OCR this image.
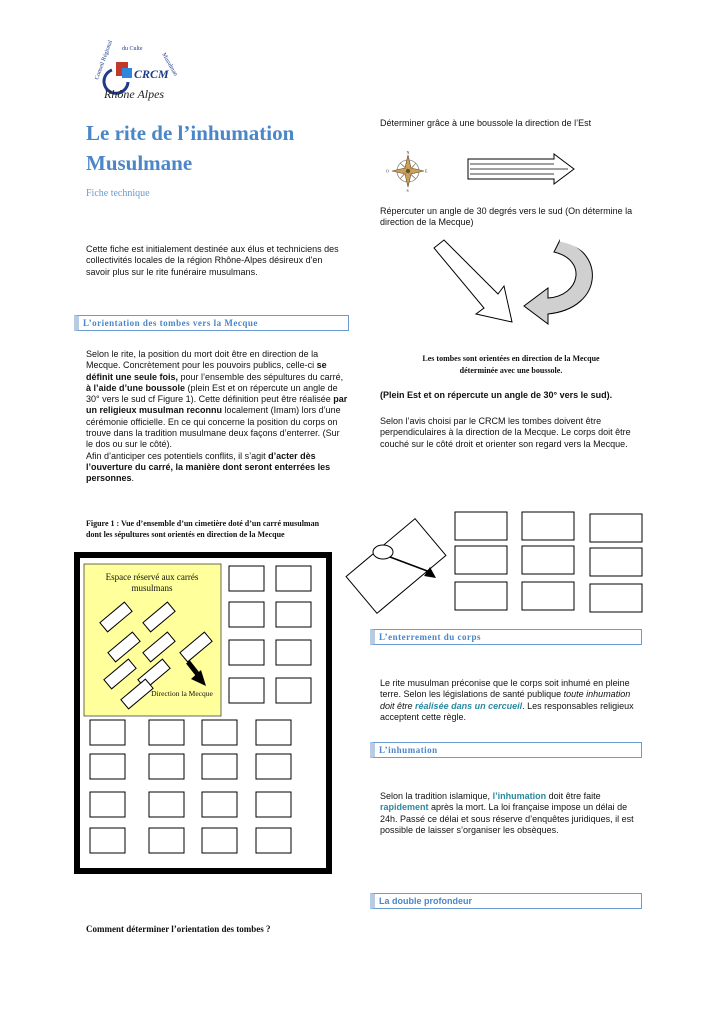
Conseil Régional du Culte
Musulman
CRCM
Rhône Alpes
Le rite de l’inhumation Musulmane
Fiche technique
Cette fiche est initialement destinée aux élus et techniciens des collectivités locales de la région Rhône-Alpes désireux d'en savoir plus sur le rite funéraire musulmans.
L’orientation des tombes vers la Mecque
Selon le rite, la position du mort doit être en direction de la Mecque. Concrètement pour les pouvoirs publics, celle-ci se définit une seule fois, pour l’ensemble des sépultures du carré, à l’aide d’une boussole (plein Est et on répercute un angle de 30° vers le sud cf Figure 1). Cette définition peut être réalisée par un religieux musulman reconnu localement (Imam) lors d’une cérémonie officielle. En ce qui concerne la position du corps on trouve dans la tradition musulmane deux façons d’enterrer. (Sur le dos ou sur le côté).
Afin d’anticiper ces potentiels conflits, il s’agit d’acter dès l’ouverture du carré, la manière dont seront enterrées les personnes.
Figure 1 : Vue d’ensemble d’un cimetière doté d’un carré musulman
dont les sépultures sont orientés en direction de la Mecque
Espace réservé aux carrés
musulmans
Direction la Mecque
Comment déterminer l’orientation des tombes ?
Déterminer grâce à une boussole la direction de l’Est
N
S
E
O
Répercuter un angle de 30 degrés vers le sud (On détermine la direction de la Mecque)
Les tombes sont orientées en direction de la Mecque
déterminée avec une boussole.
(Plein Est et on répercute un angle de 30° vers le sud).
Selon l’avis choisi par le CRCM les tombes doivent être perpendiculaires à la direction de la Mecque. Le corps doit être couché sur le côté droit et orienter son regard vers la Mecque.
L’enterrement du corps
Le rite musulman préconise que le corps soit inhumé en pleine terre. Selon les législations de santé publique toute inhumation doit être réalisée dans un cercueil. Les responsables religieux acceptent cette règle.
L’inhumation
Selon la tradition islamique, l’inhumation doit être faite rapidement après la mort. La loi française impose un délai de 24h. Passé ce délai et sous réserve d’enquêtes juridiques, il est possible de laisser s’organiser les obsèques.
La double profondeur
